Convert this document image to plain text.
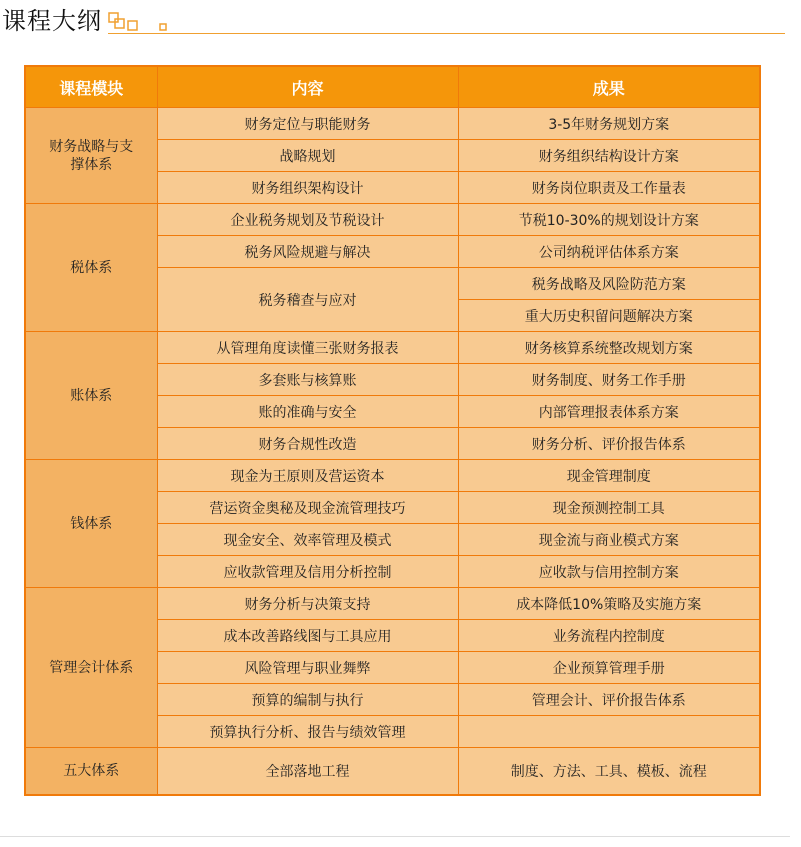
课程大纲
课程模块	内容	成果
财务战略与支撑体系	财务定位与职能财务	3-5年财务规划方案
	战略规划	财务组织结构设计方案
	财务组织架构设计	财务岗位职责及工作量表
税体系	企业税务规划及节税设计	节税10-30%的规划设计方案
	税务风险规避与解决	公司纳税评估体系方案
	税务稽查与应对	税务战略及风险防范方案
		重大历史积留问题解决方案
账体系	从管理角度读懂三张财务报表	财务核算系统整改规划方案
	多套账与核算账	财务制度、财务工作手册
	账的准确与安全	内部管理报表体系方案
	财务合规性改造	财务分析、评价报告体系
钱体系	现金为王原则及营运资本	现金管理制度
	营运资金奥秘及现金流管理技巧	现金预测控制工具
	现金安全、效率管理及模式	现金流与商业模式方案
	应收款管理及信用分析控制	应收款与信用控制方案
管理会计体系	财务分析与决策支持	成本降低10%策略及实施方案
	成本改善路线图与工具应用	业务流程内控制度
	风险管理与职业舞弊	企业预算管理手册
	预算的编制与执行	管理会计、评价报告体系
	预算执行分析、报告与绩效管理	
五大体系	全部落地工程	制度、方法、工具、模板、流程
